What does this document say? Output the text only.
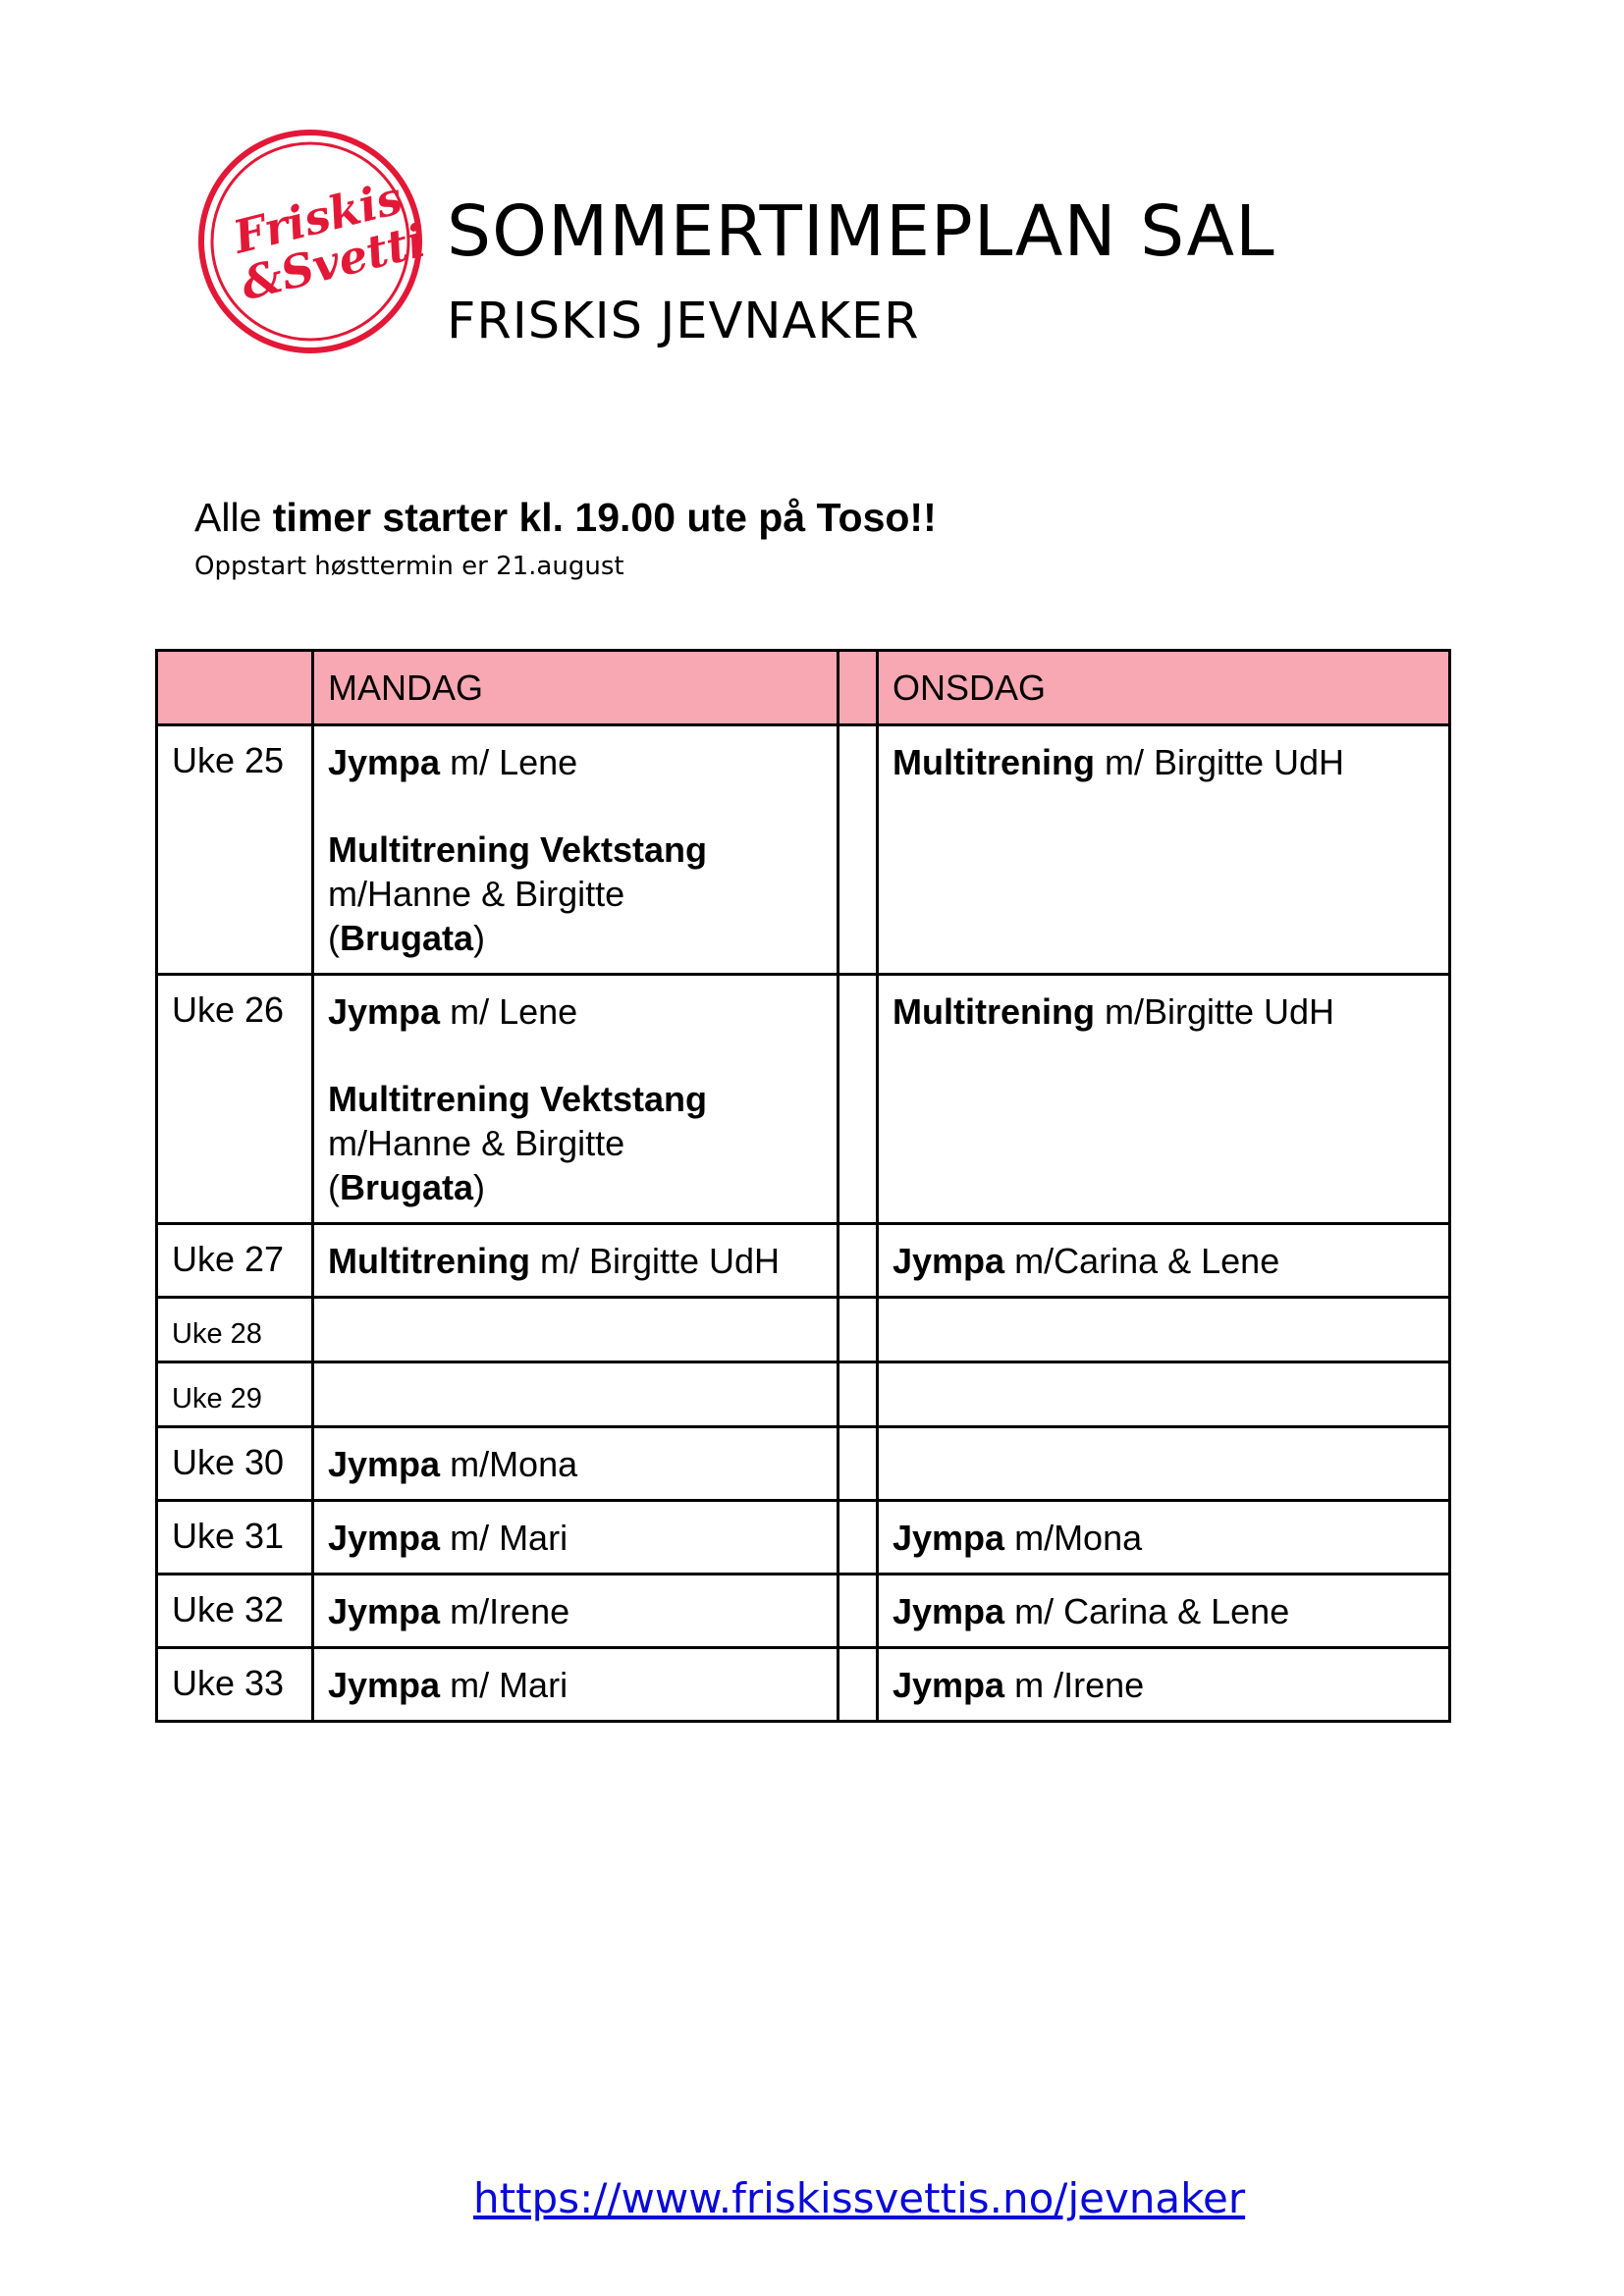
Friskis
&Svettis
SOMMERTIMEPLAN SAL
FRISKIS JEVNAKER
Alle timer starter kl. 19.00 ute på Toso!!
Oppstart høsttermin er 21.august
	MANDAG		ONSDAG
Uke 25	Jympa m/ Lene
Multitrening Vektstang
m/Hanne & Birgitte
(Brugata)		Multitrening m/ Birgitte UdH

Uke 26	Jympa m/ Lene
Multitrening Vektstang
m/Hanne & Birgitte
(Brugata)		Multitrening m/Birgitte UdH

Uke 27	Multitrening m/ Birgitte UdH		Jympa m/Carina & Lene

Uke 28			
Uke 29			
Uke 30	Jympa m/Mona		

Uke 31	Jympa m/ Mari		Jympa m/Mona

Uke 32	Jympa m/Irene		Jympa m/ Carina & Lene

Uke 33	Jympa m/ Mari		Jympa m /Irene
https://www.friskissvettis.no/jevnaker
